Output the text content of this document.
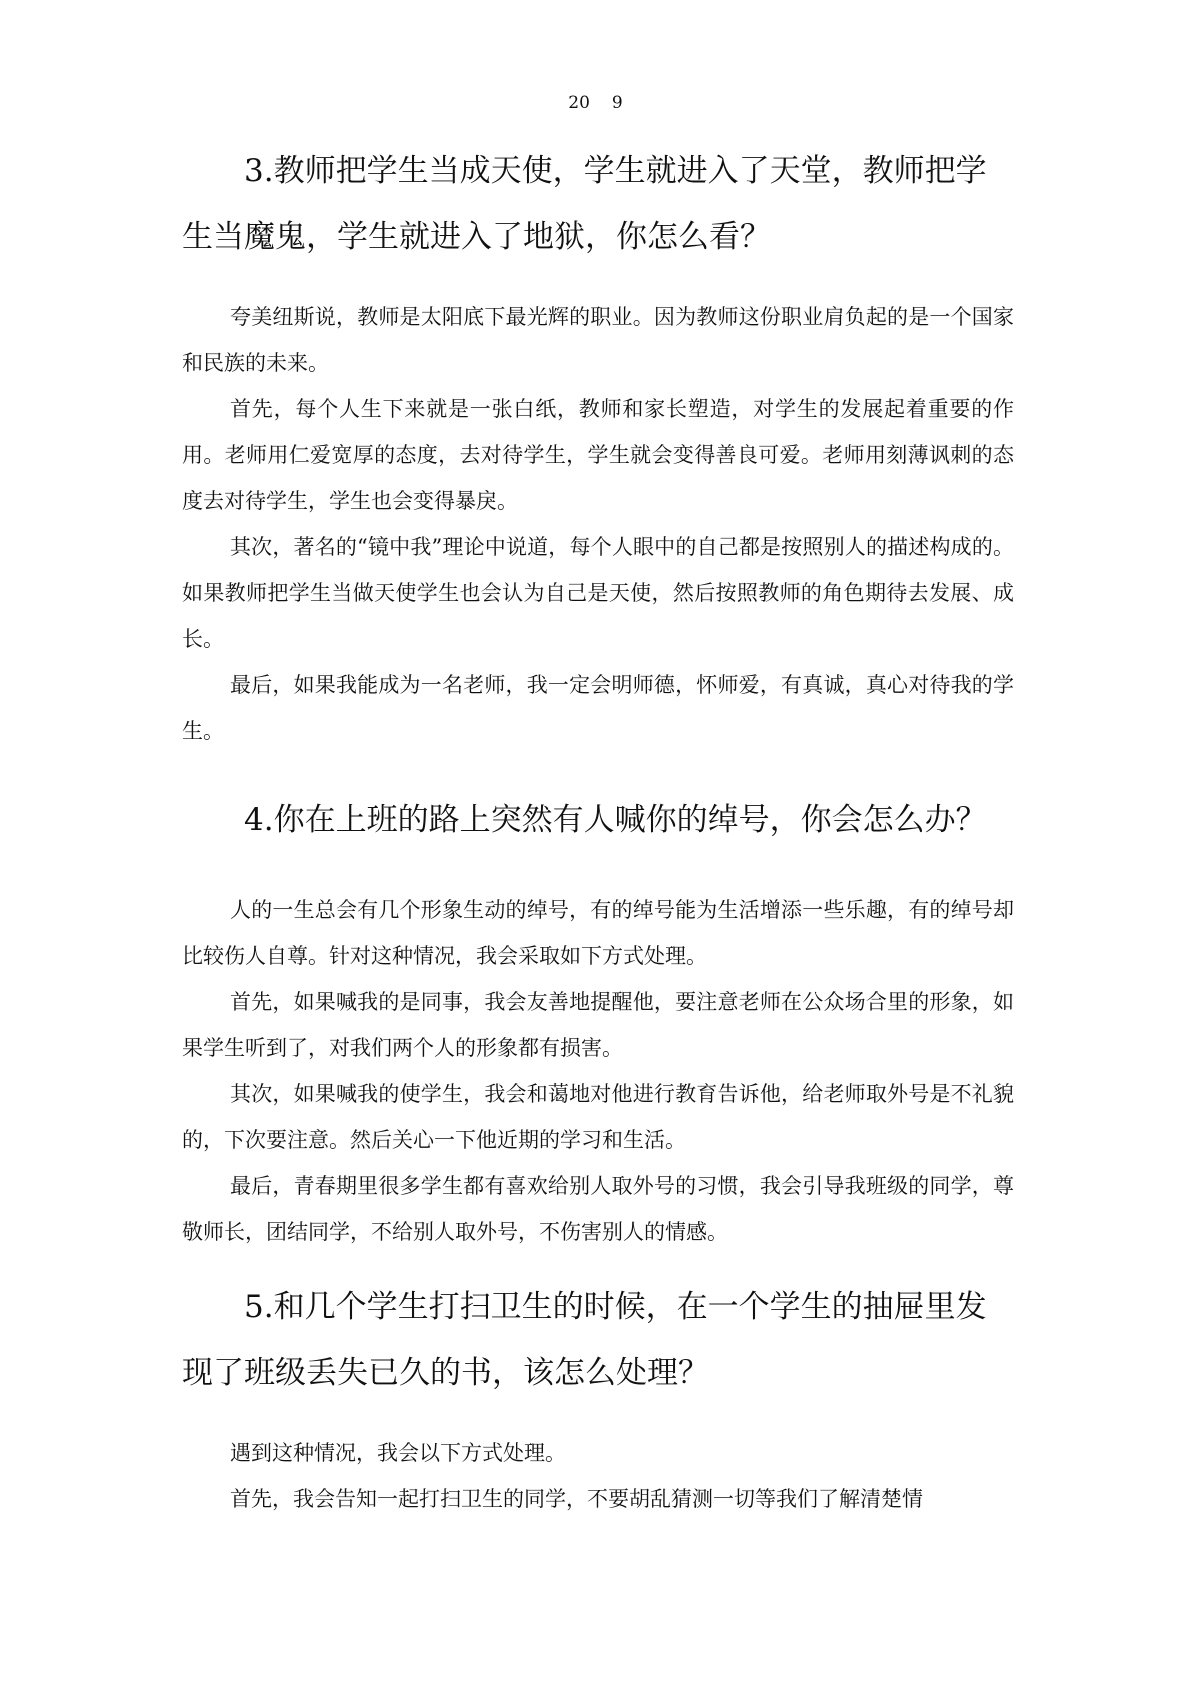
20 9
3.教师把学生当成天使，学生就进入了天堂，教师把学生当魔鬼，学生就进入了地狱，你怎么看？

夸美纽斯说，教师是太阳底下最光辉的职业。因为教师这份职业肩负起的是一个国家和民族的未来。

首先，每个人生下来就是一张白纸，教师和家长塑造，对学生的发展起着重要的作用。老师用仁爱宽厚的态度，去对待学生，学生就会变得善良可爱。老师用刻薄讽刺的态度去对待学生，学生也会变得暴戾。

其次，著名的“镜中我”理论中说道，每个人眼中的自己都是按照别人的描述构成的。如果教师把学生当做天使学生也会认为自己是天使，然后按照教师的角色期待去发展、成长。

最后，如果我能成为一名老师，我一定会明师德，怀师爱，有真诚，真心对待我的学生。

4.你在上班的路上突然有人喊你的绰号，你会怎么办？

人的一生总会有几个形象生动的绰号，有的绰号能为生活增添一些乐趣，有的绰号却比较伤人自尊。针对这种情况，我会采取如下方式处理。

首先，如果喊我的是同事，我会友善地提醒他，要注意老师在公众场合里的形象，如果学生听到了，对我们两个人的形象都有损害。

其次，如果喊我的使学生，我会和蔼地对他进行教育告诉他，给老师取外号是不礼貌的，下次要注意。然后关心一下他近期的学习和生活。

最后，青春期里很多学生都有喜欢给别人取外号的习惯，我会引导我班级的同学，尊敬师长，团结同学，不给别人取外号，不伤害别人的情感。

5.和几个学生打扫卫生的时候，在一个学生的抽屉里发现了班级丢失已久的书，该怎么处理？

遇到这种情况，我会以下方式处理。

首先，我会告知一起打扫卫生的同学，不要胡乱猜测一切等我们了解清楚情
